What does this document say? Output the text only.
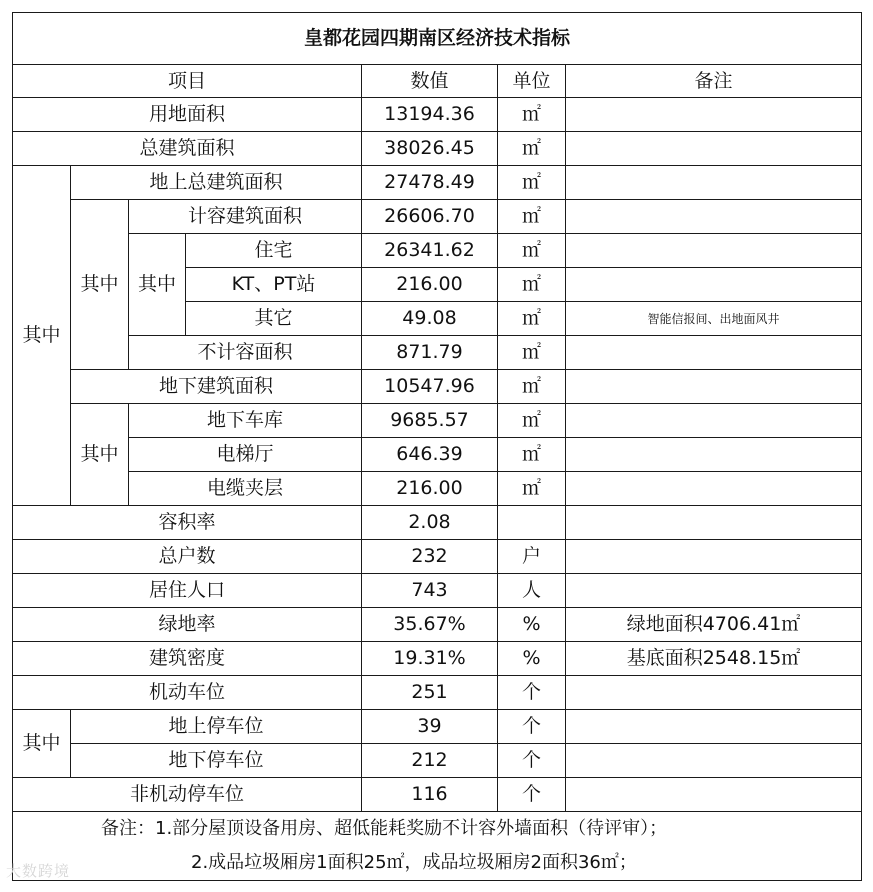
皇都花园四期南区经济技术指标						
项目				数值	单位	备注
用地面积				13194.36	㎡	
总建筑面积				38026.45	㎡	
其中	地上总建筑面积			27478.49	㎡	
	其中	计容建筑面积		26606.70	㎡	
		其中	住宅	26341.62	㎡	
			KT、PT站	216.00	㎡	
			其它	49.08	㎡	智能信报间、出地面风井
		不计容面积		871.79	㎡	
	地下建筑面积			10547.96	㎡	
	其中	地下车库		9685.57	㎡	
		电梯厅		646.39	㎡	
		电缆夹层		216.00	㎡	
容积率				2.08		
总户数				232	户	
居住人口				743	人	
绿地率				35.67%	%	绿地面积4706.41㎡
建筑密度				19.31%	%	基底面积2548.15㎡
机动车位				251	个	
其中	地上停车位			39	个	
	地下停车位			212	个	
非机动停车位				116	个	

备注：1.部分屋顶设备用房、超低能耗奖励不计容外墙面积（待评审）；
2.成品垃圾厢房1面积25㎡，成品垃圾厢房2面积36㎡；						
大数跨境
